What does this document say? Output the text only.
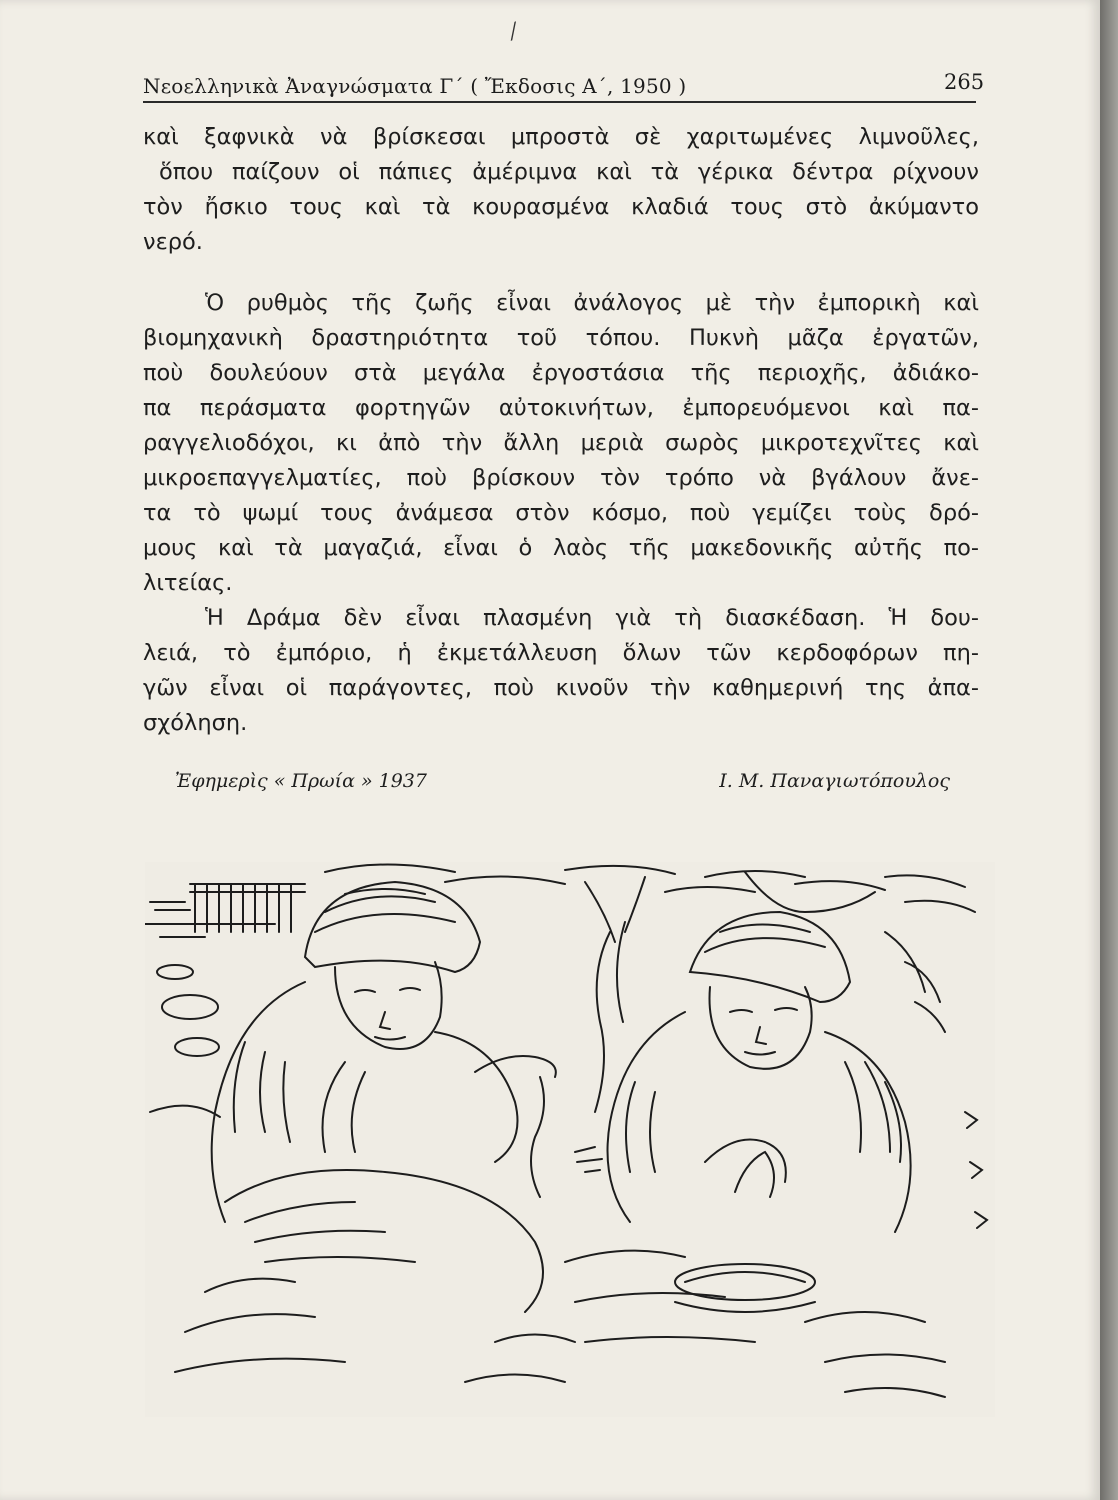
⁄
Νεοελληνικὰ Ἀναγνώσματα Γ΄ ( Ἔκδοσις Α΄, 1950 )	265
καὶ ξαφνικὰ νὰ βρίσκεσαι μπροστὰ σὲ χαριτωμένες λιμνοῦλες,
ὅπου παίζουν οἱ πάπιες ἀμέριμνα καὶ τὰ γέρικα δέντρα ρίχνουν
τὸν ἤσκιο τους καὶ τὰ κουρασμένα κλαδιά τους στὸ ἀκύμαντο
νερό.
Ὁ ρυθμὸς τῆς ζωῆς εἶναι ἀνάλογος μὲ τὴν ἐμπορικὴ καὶ
βιομηχανικὴ δραστηριότητα τοῦ τόπου. Πυκνὴ μᾶζα ἐργατῶν,
ποὺ δουλεύουν στὰ μεγάλα ἐργοστάσια τῆς περιοχῆς, ἀδιάκο-
πα περάσματα φορτηγῶν αὐτοκινήτων, ἐμπορευόμενοι καὶ πα-
ραγγελιοδόχοι, κι ἀπὸ τὴν ἄλλη μεριὰ σωρὸς μικροτεχνῖτες καὶ
μικροεπαγγελματίες, ποὺ βρίσκουν τὸν τρόπο νὰ βγάλουν ἄνε-
τα τὸ ψωμί τους ἀνάμεσα στὸν κόσμο, ποὺ γεμίζει τοὺς δρό-
μους καὶ τὰ μαγαζιά, εἶναι ὁ λαὸς τῆς μακεδονικῆς αὐτῆς πο-
λιτείας.
Ἡ Δράμα δὲν εἶναι πλασμένη γιὰ τὴ διασκέδαση. Ἡ δου-
λειά, τὸ ἐμπόριο, ἡ ἐκμετάλλευση ὅλων τῶν κερδοφόρων πη-
γῶν εἶναι οἱ παράγοντες, ποὺ κινοῦν τὴν καθημερινή της ἀπα-
σχόληση.
Ἐφημερὶς « Πρωία » 1937	Ι. Μ. Παναγιωτόπουλος
